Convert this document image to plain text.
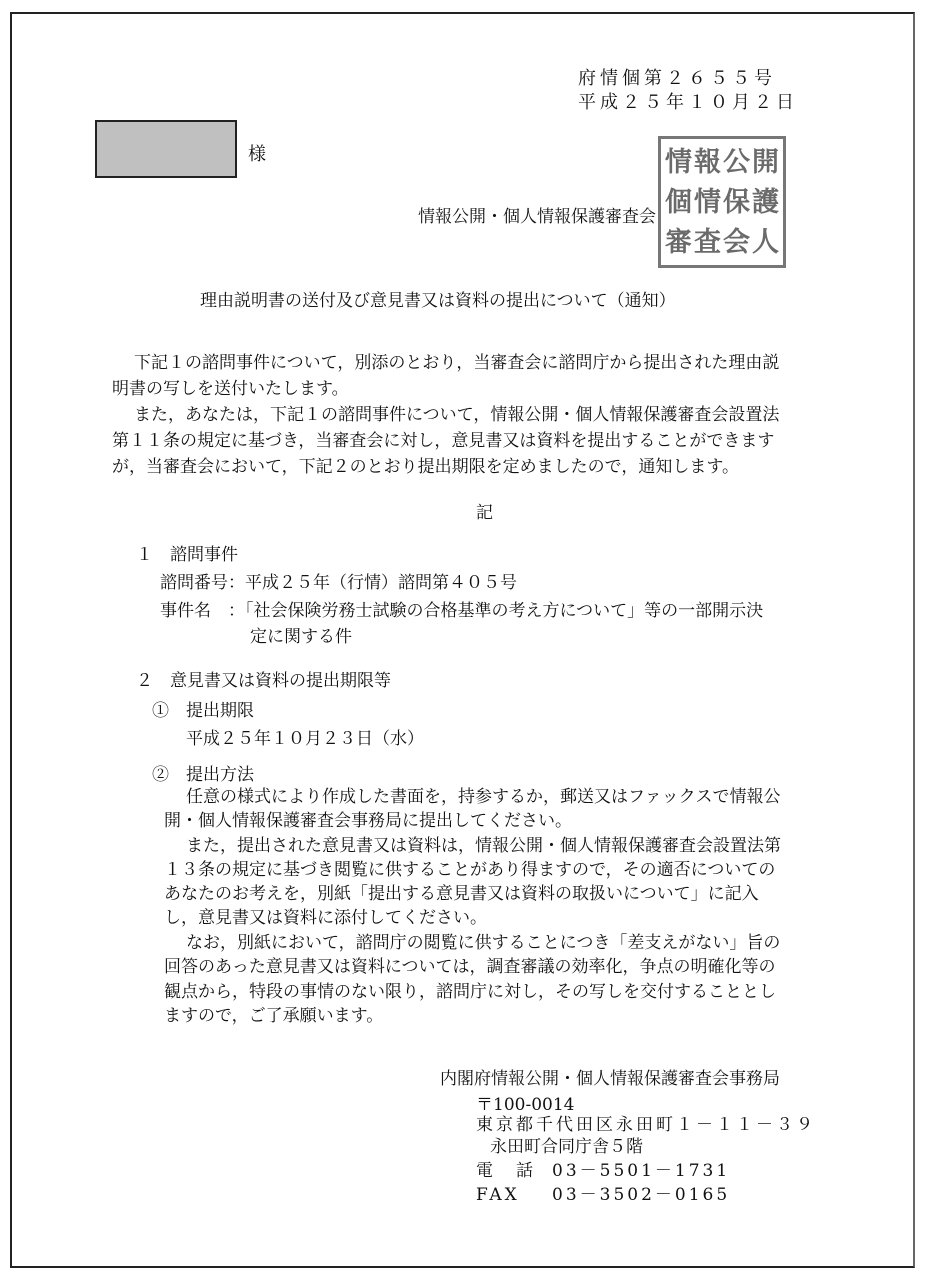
府情個第２６５５号
平成２５年１０月２日
様
情報公開・個人情報保護審査会
情 報 公 開
個 情 保 護
審 査 会 人
理由説明書の送付及び意見書又は資料の提出について（通知）
下記１の諮問事件について，別添のとおり，当審査会に諮問庁から提出された理由説
明書の写しを送付いたします。
また，あなたは，下記１の諮問事件について，情報公開・個人情報保護審査会設置法
第１１条の規定に基づき，当審査会に対し，意見書又は資料を提出することができます
が，当審査会において，下記２のとおり提出期限を定めましたので，通知します。
記
１　諮問事件
諮問番号：平成２５年（行情）諮問第４０５号
事件名　：「社会保険労務士試験の合格基準の考え方について」等の一部開示決
定に関する件
２　意見書又は資料の提出期限等
①　提出期限
平成２５年１０月２３日（水）
②　提出方法
任意の様式により作成した書面を，持参するか，郵送又はファックスで情報公
開・個人情報保護審査会事務局に提出してください。
また，提出された意見書又は資料は，情報公開・個人情報保護審査会設置法第
１３条の規定に基づき閲覧に供することがあり得ますので，その適否についての
あなたのお考えを，別紙「提出する意見書又は資料の取扱いについて」に記入
し，意見書又は資料に添付してください。
なお，別紙において，諮問庁の閲覧に供することにつき「差支えがない」旨の
回答のあった意見書又は資料については，調査審議の効率化，争点の明確化等の
観点から，特段の事情のない限り，諮問庁に対し，その写しを交付することとし
ますので，ご了承願います。
内閣府情報公開・個人情報保護審査会事務局
〒100-0014
東京都千代田区永田町１－１１－３９
永田町合同庁舎５階
電　話 03－5501－1731
FAX 03－3502－0165
